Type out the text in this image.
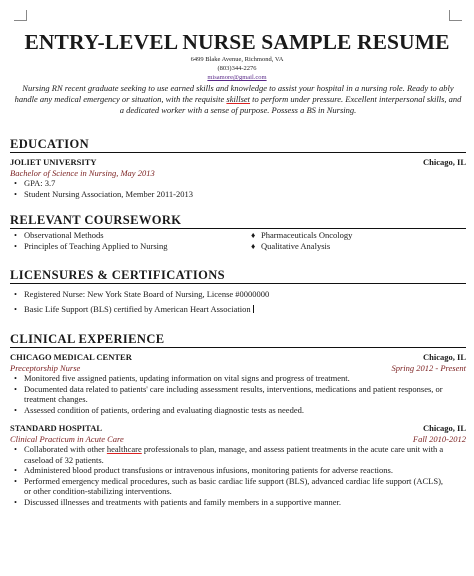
ENTRY-LEVEL NURSE SAMPLE RESUME
6499 Blake Avenue, Richmond, VA
(803)344-2276
misamore@gmail.com
Nursing RN recent graduate seeking to use earned skills and knowledge to assist your hospital in a nursing role. Ready to ably handle any medical emergency or situation, with the requisite skillset to perform under pressure. Excellent interpersonal skills, and a dedicated worker with a sense of purpose. Possess a BS in Nursing.
EDUCATION
JOLIET UNIVERSITY	Chicago, IL
Bachelor of Science in Nursing, May 2013
• GPA: 3.7
• Student Nursing Association, Member 2011-2013
RELEVANT COURSEWORK
• Observational Methods
• Principles of Teaching Applied to Nursing
♦ Pharmaceuticals Oncology
♦ Qualitative Analysis
LICENSURES & CERTIFICATIONS
• Registered Nurse: New York State Board of Nursing, License #0000000
• Basic Life Support (BLS) certified by American Heart Association
CLINICAL EXPERIENCE
CHICAGO MEDICAL CENTER	Chicago, IL
Preceptorship Nurse	Spring 2012 - Present
• Monitored five assigned patients, updating information on vital signs and progress of treatment.
• Documented data related to patients' care including assessment results, interventions, medications and patient responses, or treatment changes.
• Assessed condition of patients, ordering and evaluating diagnostic tests as needed.
STANDARD HOSPITAL	Chicago, IL
Clinical Practicum in Acute Care	Fall 2010-2012
• Collaborated with other healthcare professionals to plan, manage, and assess patient treatments in the acute care unit with a caseload of 32 patients.
• Administered blood product transfusions or intravenous infusions, monitoring patients for adverse reactions.
• Performed emergency medical procedures, such as basic cardiac life support (BLS), advanced cardiac life support (ACLS), or other condition-stabilizing interventions.
• Discussed illnesses and treatments with patients and family members in a supportive manner.
